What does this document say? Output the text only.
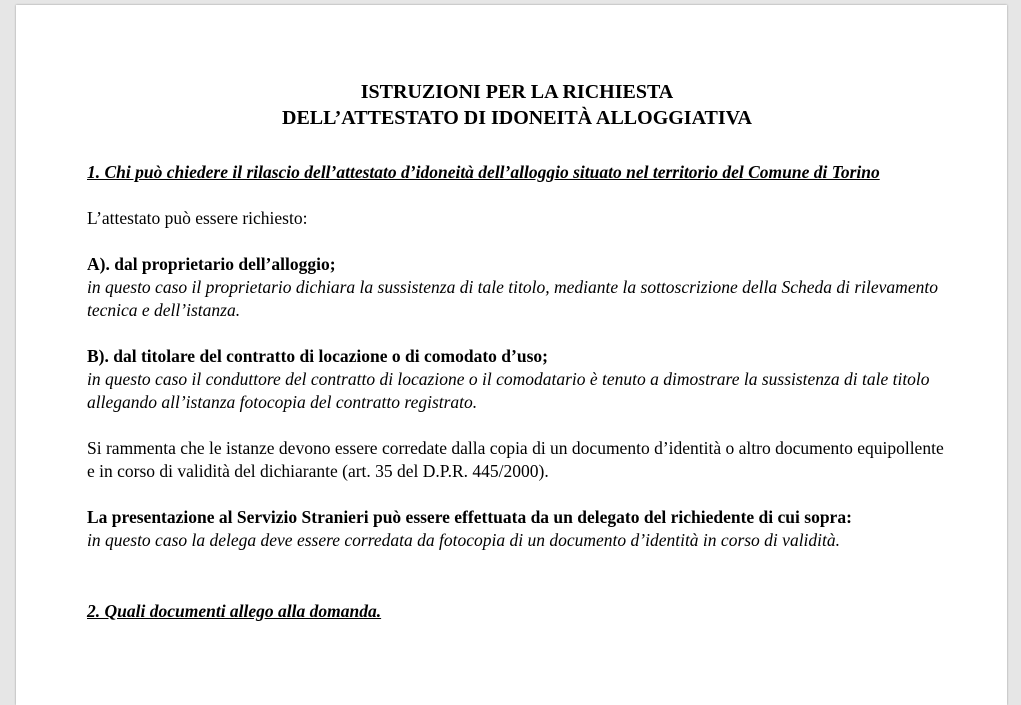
ISTRUZIONI PER LA RICHIESTA
DELL’ATTESTATO DI IDONEITÀ ALLOGGIATIVA

1. Chi può chiedere il rilascio dell’attestato d’idoneità dell’alloggio situato nel territorio del Comune di Torino

L’attestato può essere richiesto:

A). dal proprietario dell’alloggio;

in questo caso il proprietario dichiara la sussistenza di tale titolo, mediante la sottoscrizione della Scheda di rilevamento tecnica e dell’istanza.

B). dal titolare del contratto di locazione o di comodato d’uso;

in questo caso il conduttore del contratto di locazione o il comodatario è tenuto a dimostrare la sussistenza di tale titolo allegando all’istanza fotocopia del contratto registrato.

Si rammenta che le istanze devono essere corredate dalla copia di un documento d’identità o altro documento equipollente e in corso di validità del dichiarante (art. 35 del D.P.R. 445/2000).

La presentazione al Servizio Stranieri può essere effettuata da un delegato del richiedente di cui sopra:

in questo caso la delega deve essere corredata da fotocopia di un documento d’identità in corso di validità.

2. Quali documenti allego alla domanda.
